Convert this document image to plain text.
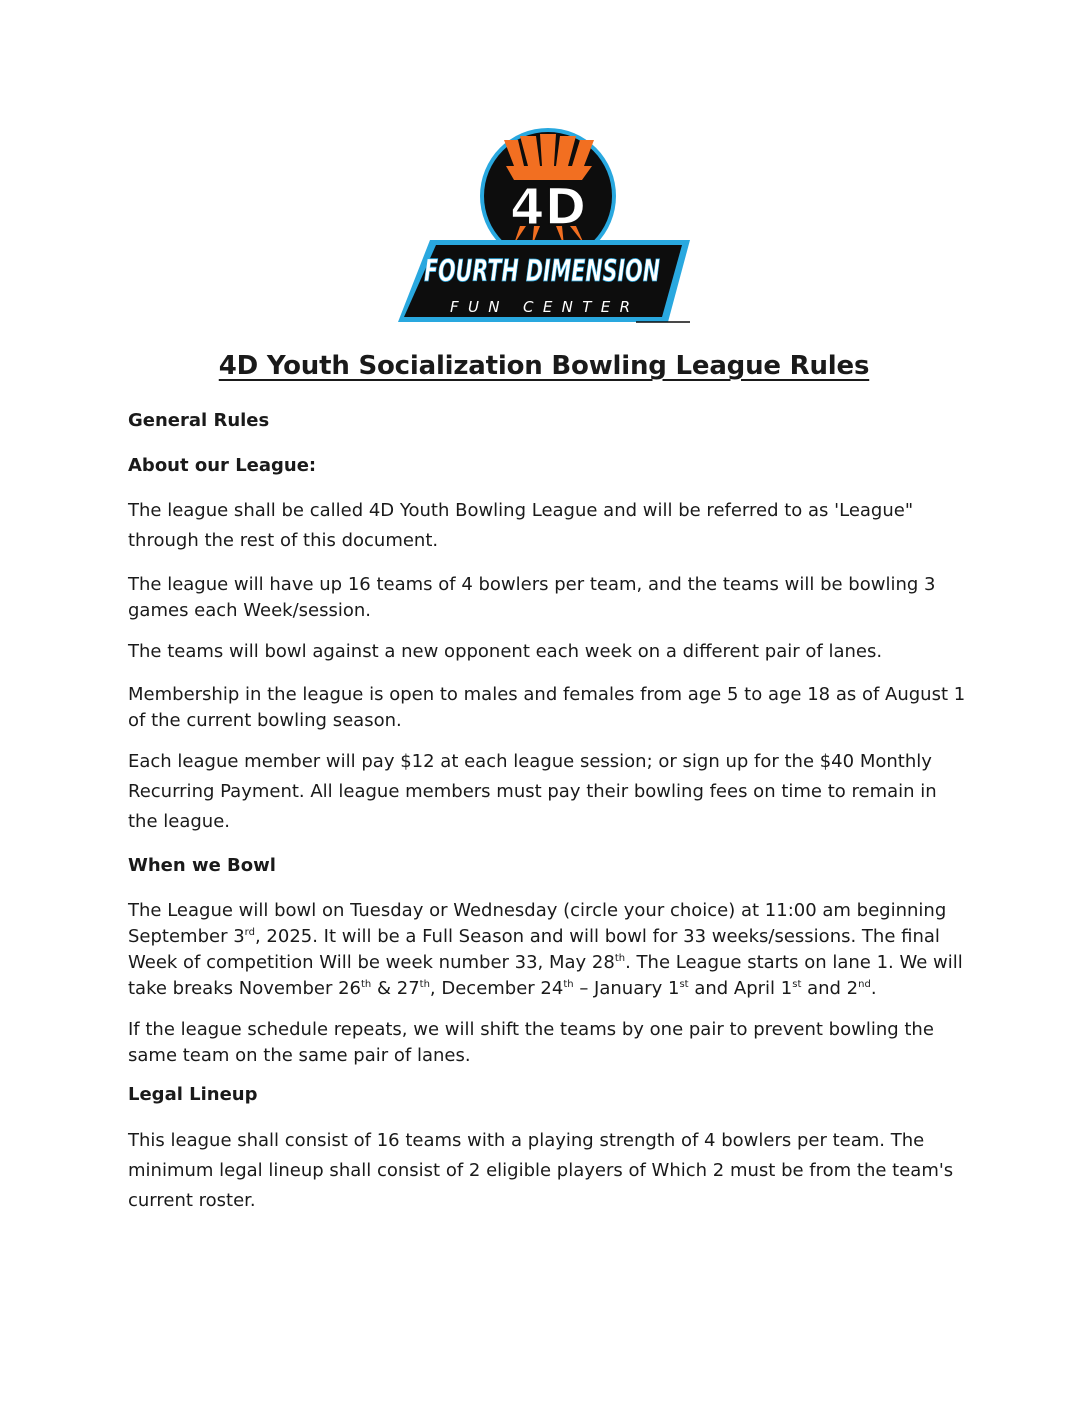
4D
FOURTH DIMENSION
F U N   C E N T E R
4D Youth Socialization Bowling League Rules
General Rules
About our League:

The league shall be called 4D Youth Bowling League and will be referred to as 'League" through the rest of this document.

The league will have up 16 teams of 4 bowlers per team, and the teams will be bowling 3 games each Week/session.

The teams will bowl against a new opponent each week on a different pair of lanes.

Membership in the league is open to males and females from age 5 to age 18 as of August 1 of the current bowling season.

Each league member will pay $12 at each league session; or sign up for the $40 Monthly Recurring Payment. All league members must pay their bowling fees on time to remain in the league.

When we Bowl

The League will bowl on Tuesday or Wednesday (circle your choice) at 11:00 am beginning September 3rd, 2025. It will be a Full Season and will bowl for 33 weeks/sessions. The final Week of competition Will be week number 33, May 28th. The League starts on lane 1. We will take breaks November 26th & 27th, December 24th – January 1st and April 1st and 2nd.

If the league schedule repeats, we will shift the teams by one pair to prevent bowling the same team on the same pair of lanes.

Legal Lineup

This league shall consist of 16 teams with a playing strength of 4 bowlers per team. The minimum legal lineup shall consist of 2 eligible players of Which 2 must be from the team's current roster.
